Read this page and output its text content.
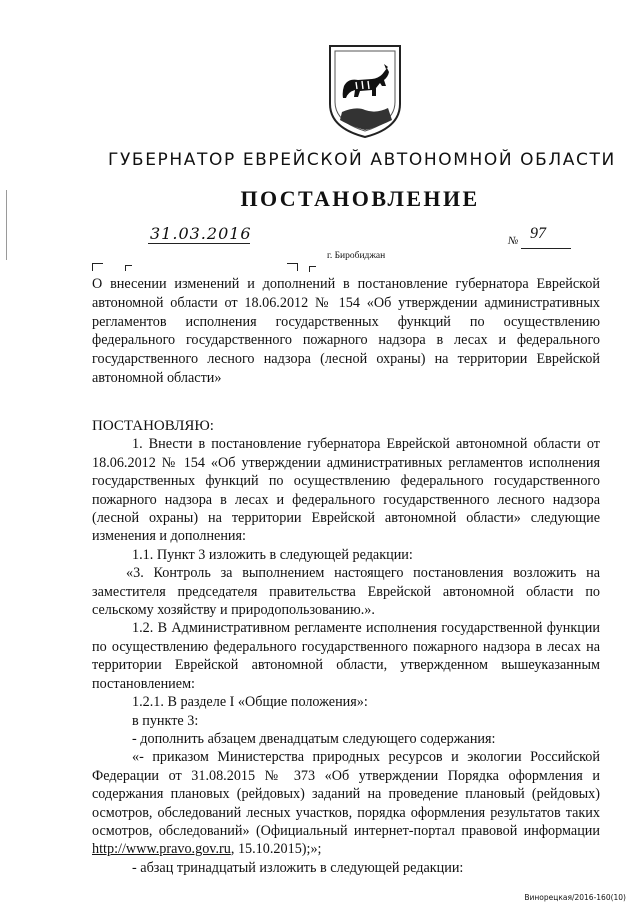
ГУБЕРНАТОР ЕВРЕЙСКОЙ АВТОНОМНОЙ ОБЛАСТИ
ПОСТАНОВЛЕНИЕ
31.03.2016	№ 97
г. Биробиджан
О внесении изменений и дополнений в постановление губернатора Еврейской автономной области от 18.06.2012 № 154 «Об утверждении административных регламентов исполнения государственных функций по осуществлению федерального государственного пожарного надзора в лесах и федерального государственного лесного надзора (лесной охраны) на территории Еврейской автономной области»

ПОСТАНОВЛЯЮ:

1. Внести в постановление губернатора Еврейской автономной области от 18.06.2012 № 154 «Об утверждении административных регламентов исполнения государственных функций по осуществлению федерального государственного пожарного надзора в лесах и федерального государственного лесного надзора (лесной охраны) на территории Еврейской автономной области» следующие изменения и дополнения:

1.1. Пункт 3 изложить в следующей редакции:

«3. Контроль за выполнением настоящего постановления возложить на заместителя председателя правительства Еврейской автономной области по сельскому хозяйству и природопользованию.».

1.2. В Административном регламенте исполнения государственной функции по осуществлению федерального государственного пожарного надзора в лесах на территории Еврейской автономной области, утвержденном вышеуказанным постановлением:

1.2.1. В разделе I «Общие положения»:

в пункте 3:

- дополнить абзацем двенадцатым следующего содержания:

«- приказом Министерства природных ресурсов и экологии Российской Федерации от 31.08.2015 № 373 «Об утверждении Порядка оформления и содержания плановых (рейдовых) заданий на проведение плановый (рейдовых) осмотров, обследований лесных участков, порядка оформления результатов таких осмотров, обследований» (Официальный интернет-портал правовой информации http://www.pravo.gov.ru, 15.10.2015);»;

- абзац тринадцатый изложить в следующей редакции:

Винорецкая/2016-160(10)
